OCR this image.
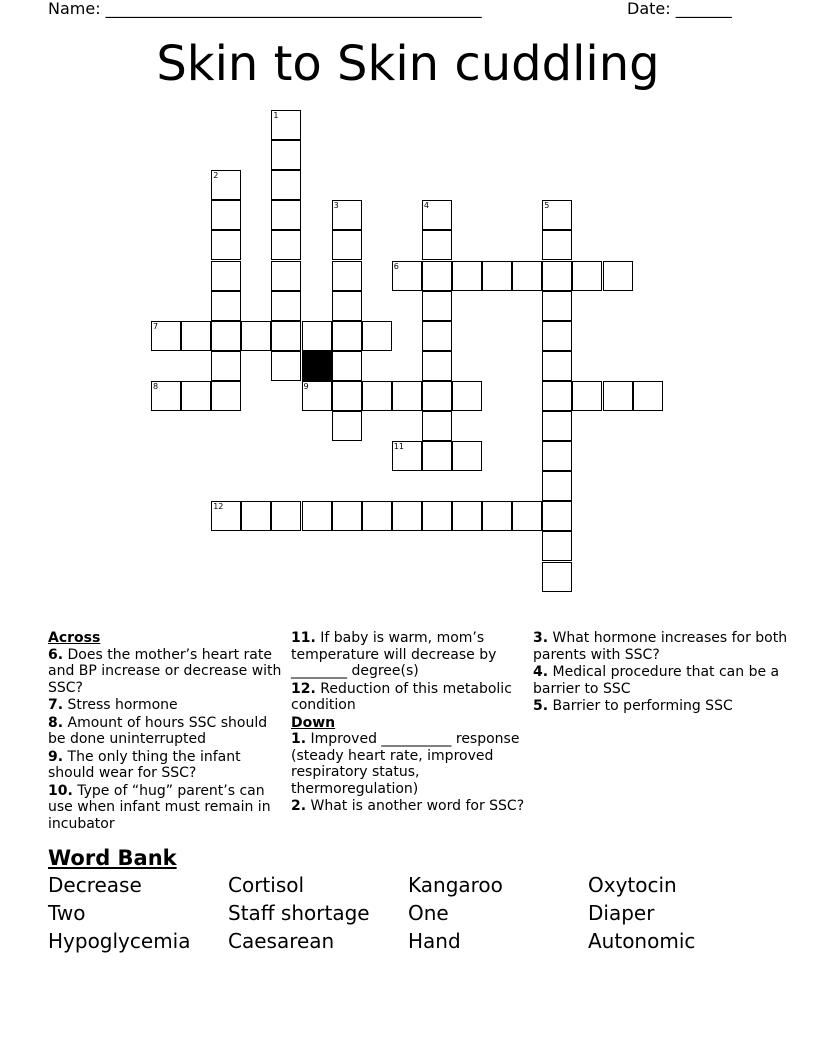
Name: _______________________________________________	Date: _______
Skin to Skin cuddling
1
2
3	4	5
6
7
8	9
11
12

Across

6. Does the mother’s heart rate and BP increase or decrease with SSC?

7. Stress hormone

8. Amount of hours SSC should be done uninterrupted

9. The only thing the infant should wear for SSC?

10. Type of “hug” parent’s can use when infant must remain in incubator

11. If baby is warm, mom’s temperature will decrease by ________ degree(s)

12. Reduction of this metabolic condition

Down

1. Improved __________ response (steady heart rate, improved respiratory status, thermoregulation)

2. What is another word for SSC?

3. What hormone increases for both parents with SSC?

4. Medical procedure that can be a barrier to SSC

5. Barrier to performing SSC

Word Bank
Decrease	Cortisol	Kangaroo	Oxytocin
Two	Staff shortage	One	Diaper
Hypoglycemia	Caesarean	Hand	Autonomic
